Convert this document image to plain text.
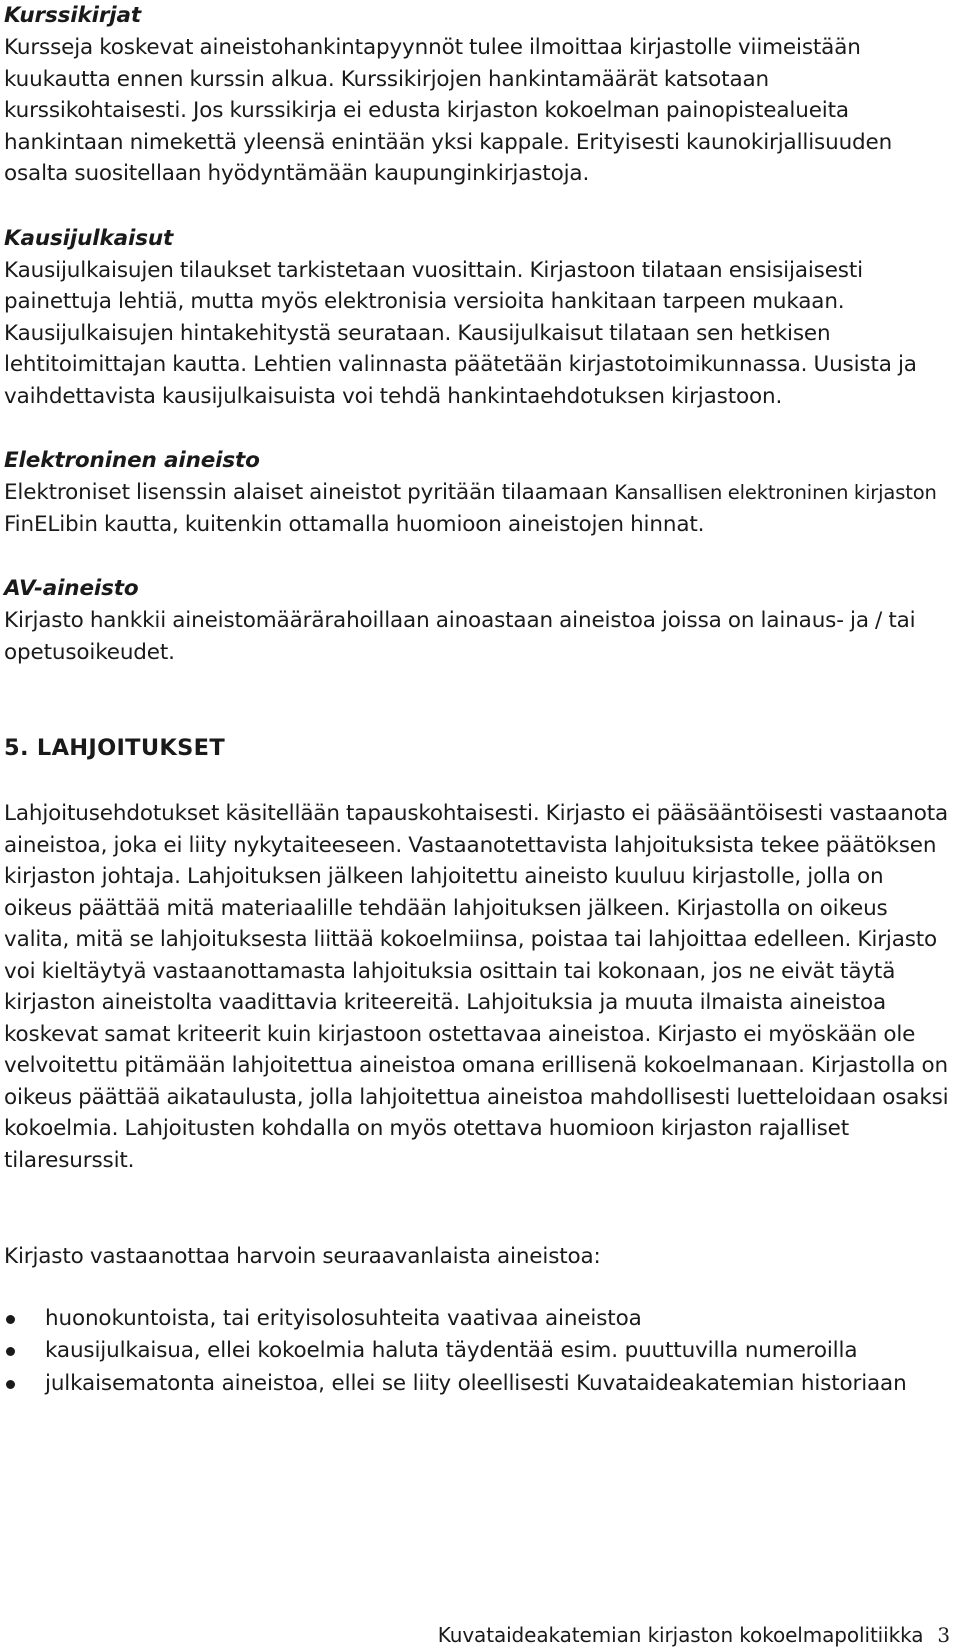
Kurssikirjat

Kursseja koskevat aineistohankintapyynnöt tulee ilmoittaa kirjastolle viimeistään kuukautta ennen kurssin alkua. Kurssikirjojen hankintamäärät katsotaan kurssikohtaisesti. Jos kurssikirja ei edusta kirjaston kokoelman painopistealueita hankintaan nimekettä yleensä enintään yksi kappale. Erityisesti kaunokirjallisuuden osalta suositellaan hyödyntämään kaupunginkirjastoja.

Kausijulkaisut

Kausijulkaisujen tilaukset tarkistetaan vuosittain. Kirjastoon tilataan ensisijaisesti painettuja lehtiä, mutta myös elektronisia versioita hankitaan tarpeen mukaan. Kausijulkaisujen hintakehitystä seurataan. Kausijulkaisut tilataan sen hetkisen lehtitoimittajan kautta. Lehtien valinnasta päätetään kirjastotoimikunnassa. Uusista ja vaihdettavista kausijulkaisuista voi tehdä hankintaehdotuksen kirjastoon.

Elektroninen aineisto

Elektroniset lisenssin alaiset aineistot pyritään tilaamaan Kansallisen elektroninen kirjaston FinELibin kautta, kuitenkin ottamalla huomioon aineistojen hinnat.

AV-aineisto

Kirjasto hankkii aineistomäärärahoillaan ainoastaan aineistoa joissa on lainaus- ja / tai opetusoikeudet.

5. LAHJOITUKSET

Lahjoitusehdotukset käsitellään tapauskohtaisesti. Kirjasto ei pääsääntöisesti vastaanota aineistoa, joka ei liity nykytaiteeseen. Vastaanotettavista lahjoituksista tekee päätöksen kirjaston johtaja. Lahjoituksen jälkeen lahjoitettu aineisto kuuluu kirjastolle, jolla on oikeus päättää mitä materiaalille tehdään lahjoituksen jälkeen. Kirjastolla on oikeus valita, mitä se lahjoituksesta liittää kokoelmiinsa, poistaa tai lahjoittaa edelleen. Kirjasto voi kieltäytyä vastaanottamasta lahjoituksia osittain tai kokonaan, jos ne eivät täytä kirjaston aineistolta vaadittavia kriteereitä. Lahjoituksia ja muuta ilmaista aineistoa koskevat samat kriteerit kuin kirjastoon ostettavaa aineistoa. Kirjasto ei myöskään ole velvoitettu pitämään lahjoitettua aineistoa omana erillisenä kokoelmanaan. Kirjastolla on oikeus päättää aikataulusta, jolla lahjoitettua aineistoa mahdollisesti luetteloidaan osaksi kokoelmia. Lahjoitusten kohdalla on myös otettava huomioon kirjaston rajalliset tilaresurssit.

Kirjasto vastaanottaa harvoin seuraavanlaista aineistoa:

huonokuntoista, tai erityisolosuhteita vaativaa aineistoa
kausijulkaisua, ellei kokoelmia haluta täydentää esim. puuttuvilla numeroilla
julkaisematonta aineistoa, ellei se liity oleellisesti Kuvataideakatemian historiaan
Kuvataideakatemian kirjaston kokoelmapolitiikka 3
